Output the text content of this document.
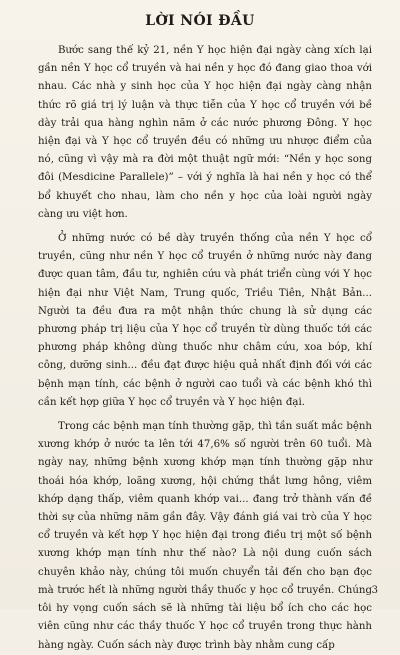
LỜI NÓI ĐẦU

Bước sang thế kỷ 21, nền Y học hiện đại ngày càng xích lại gần nền Y học cổ truyền và hai nền y học đó đang giao thoa với nhau. Các nhà y sinh học của Y học hiện đại ngày càng nhận thức rõ giá trị lý luận và thực tiễn của Y học cổ truyền với bề dày trải qua hàng nghìn năm ở các nước phương Đông. Y học hiện đại và Y học cổ truyền đều có những ưu nhược điểm của nó, cũng vì vậy mà ra đời một thuật ngữ mới: “Nền y học song đôi (Mesdicine Parallele)” – với ý nghĩa là hai nền y học có thể bổ khuyết cho nhau, làm cho nền y học của loài người ngày càng ưu việt hơn.

Ở những nước có bề dày truyền thống của nền Y học cổ truyền, cũng như nền Y học cổ truyền ở những nước này đang được quan tâm, đầu tư, nghiên cứu và phát triển cùng với Y học hiện đại như Việt Nam, Trung quốc, Triều Tiên, Nhật Bản... Người ta đều đưa ra một nhận thức chung là sử dụng các phương pháp trị liệu của Y học cổ truyền từ dùng thuốc tới các phương pháp không dùng thuốc như châm cứu, xoa bóp, khí công, dưỡng sinh... đều đạt được hiệu quả nhất định đối với các bệnh mạn tính, các bệnh ở người cao tuổi và các bệnh khó thì cần kết hợp giữa Y học cổ truyền và Y học hiện đại.

Trong các bệnh mạn tính thường gặp, thì tần suất mắc bệnh xương khớp ở nước ta lên tới 47,6% số người trên 60 tuổi. Mà ngày nay, những bệnh xương khớp mạn tính thường gặp như thoái hóa khớp, loãng xương, hội chứng thắt lưng hông, viêm khớp dạng thấp, viêm quanh khớp vai... đang trở thành vấn đề thời sự của những năm gần đây. Vậy đánh giá vai trò của Y học cổ truyền và kết hợp Y học hiện đại trong điều trị một số bệnh xương khớp mạn tính như thế nào? Là nội dung cuốn sách chuyên khảo này, chúng tôi muốn chuyển tải đến cho bạn đọc mà trước hết là những người thầy thuốc y học cổ truyền. Chúng tôi hy vọng cuốn sách sẽ là những tài liệu bổ ích cho các học viên cũng như các thầy thuốc Y học cổ truyền trong thực hành hàng ngày. Cuốn sách này được trình bày nhằm cung cấp

3
